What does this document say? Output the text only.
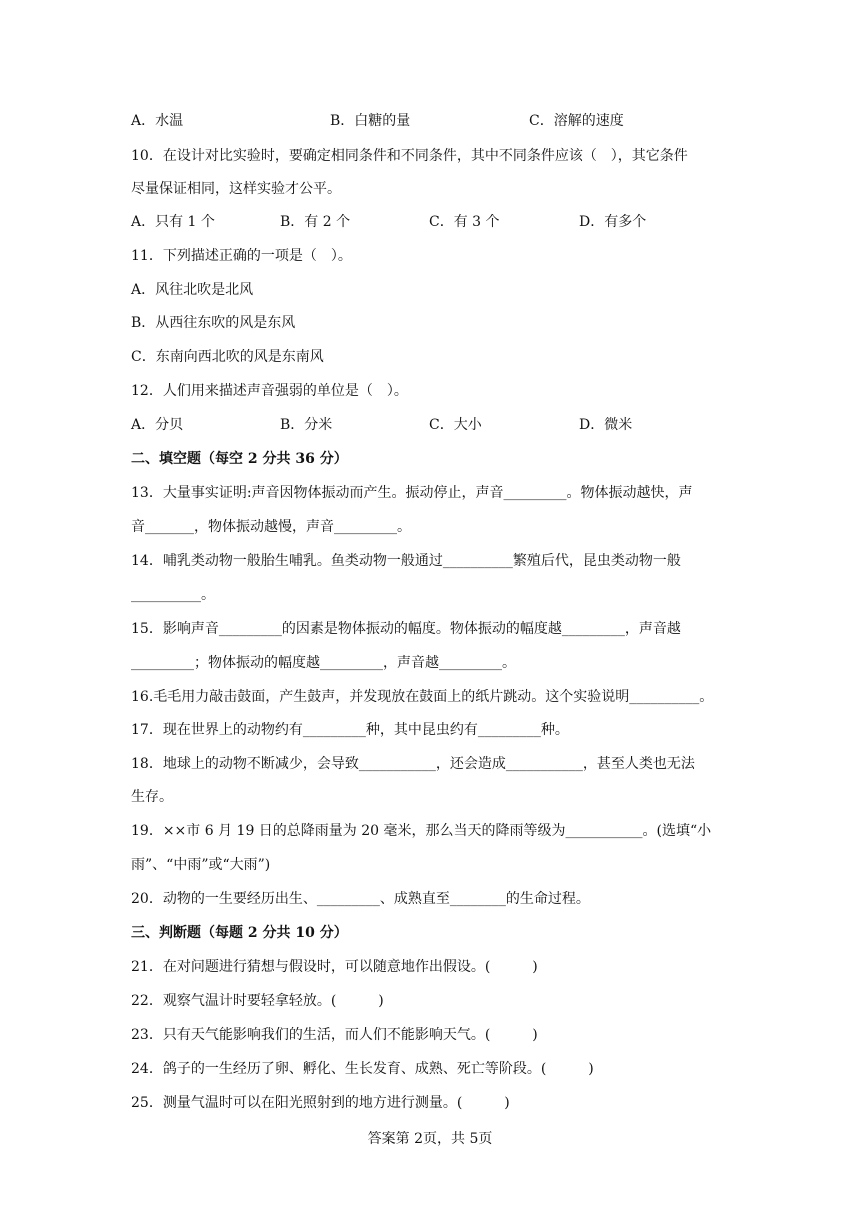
A．水温	B．白糖的量	C．溶解的速度
10．在设计对比实验时，要确定相同条件和不同条件，其中不同条件应该（　），其它条件
尽量保证相同，这样实验才公平。
A．只有 1 个	B．有 2 个	C．有 3 个	D．有多个
11．下列描述正确的一项是（　）。
A．风往北吹是北风
B．从西往东吹的风是东风
C．东南向西北吹的风是东南风
12．人们用来描述声音强弱的单位是（　）。
A．分贝	B．分米	C．大小	D．微米
二、填空题（每空 2 分共 36 分）
13．大量事实证明:声音因物体振动而产生。振动停止，声音_________。物体振动越快，声
音_______，物体振动越慢，声音_________。
14．哺乳类动物一般胎生哺乳。鱼类动物一般通过__________繁殖后代，昆虫类动物一般
__________。
15．影响声音_________的因素是物体振动的幅度。物体振动的幅度越_________，声音越
_________；物体振动的幅度越_________，声音越_________。
16.毛毛用力敲击鼓面，产生鼓声，并发现放在鼓面上的纸片跳动。这个实验说明__________。
17．现在世界上的动物约有_________种，其中昆虫约有_________种。
18．地球上的动物不断减少，会导致___________，还会造成___________，甚至人类也无法
生存。
19．××市 6 月 19 日的总降雨量为 20 毫米，那么当天的降雨等级为___________。(选填“小
雨”、“中雨”或“大雨”)
20．动物的一生要经历出生、_________、成熟直至________的生命过程。
三、判断题（每题 2 分共 10 分）
21．在对问题进行猜想与假设时，可以随意地作出假设。(　　　)
22．观察气温计时要轻拿轻放。(　　　)
23．只有天气能影响我们的生活，而人们不能影响天气。(　　　)
24．鸽子的一生经历了卵、孵化、生长发育、成熟、死亡等阶段。(　　　)
25．测量气温时可以在阳光照射到的地方进行测量。(　　　)
答案第 2页，共 5页
